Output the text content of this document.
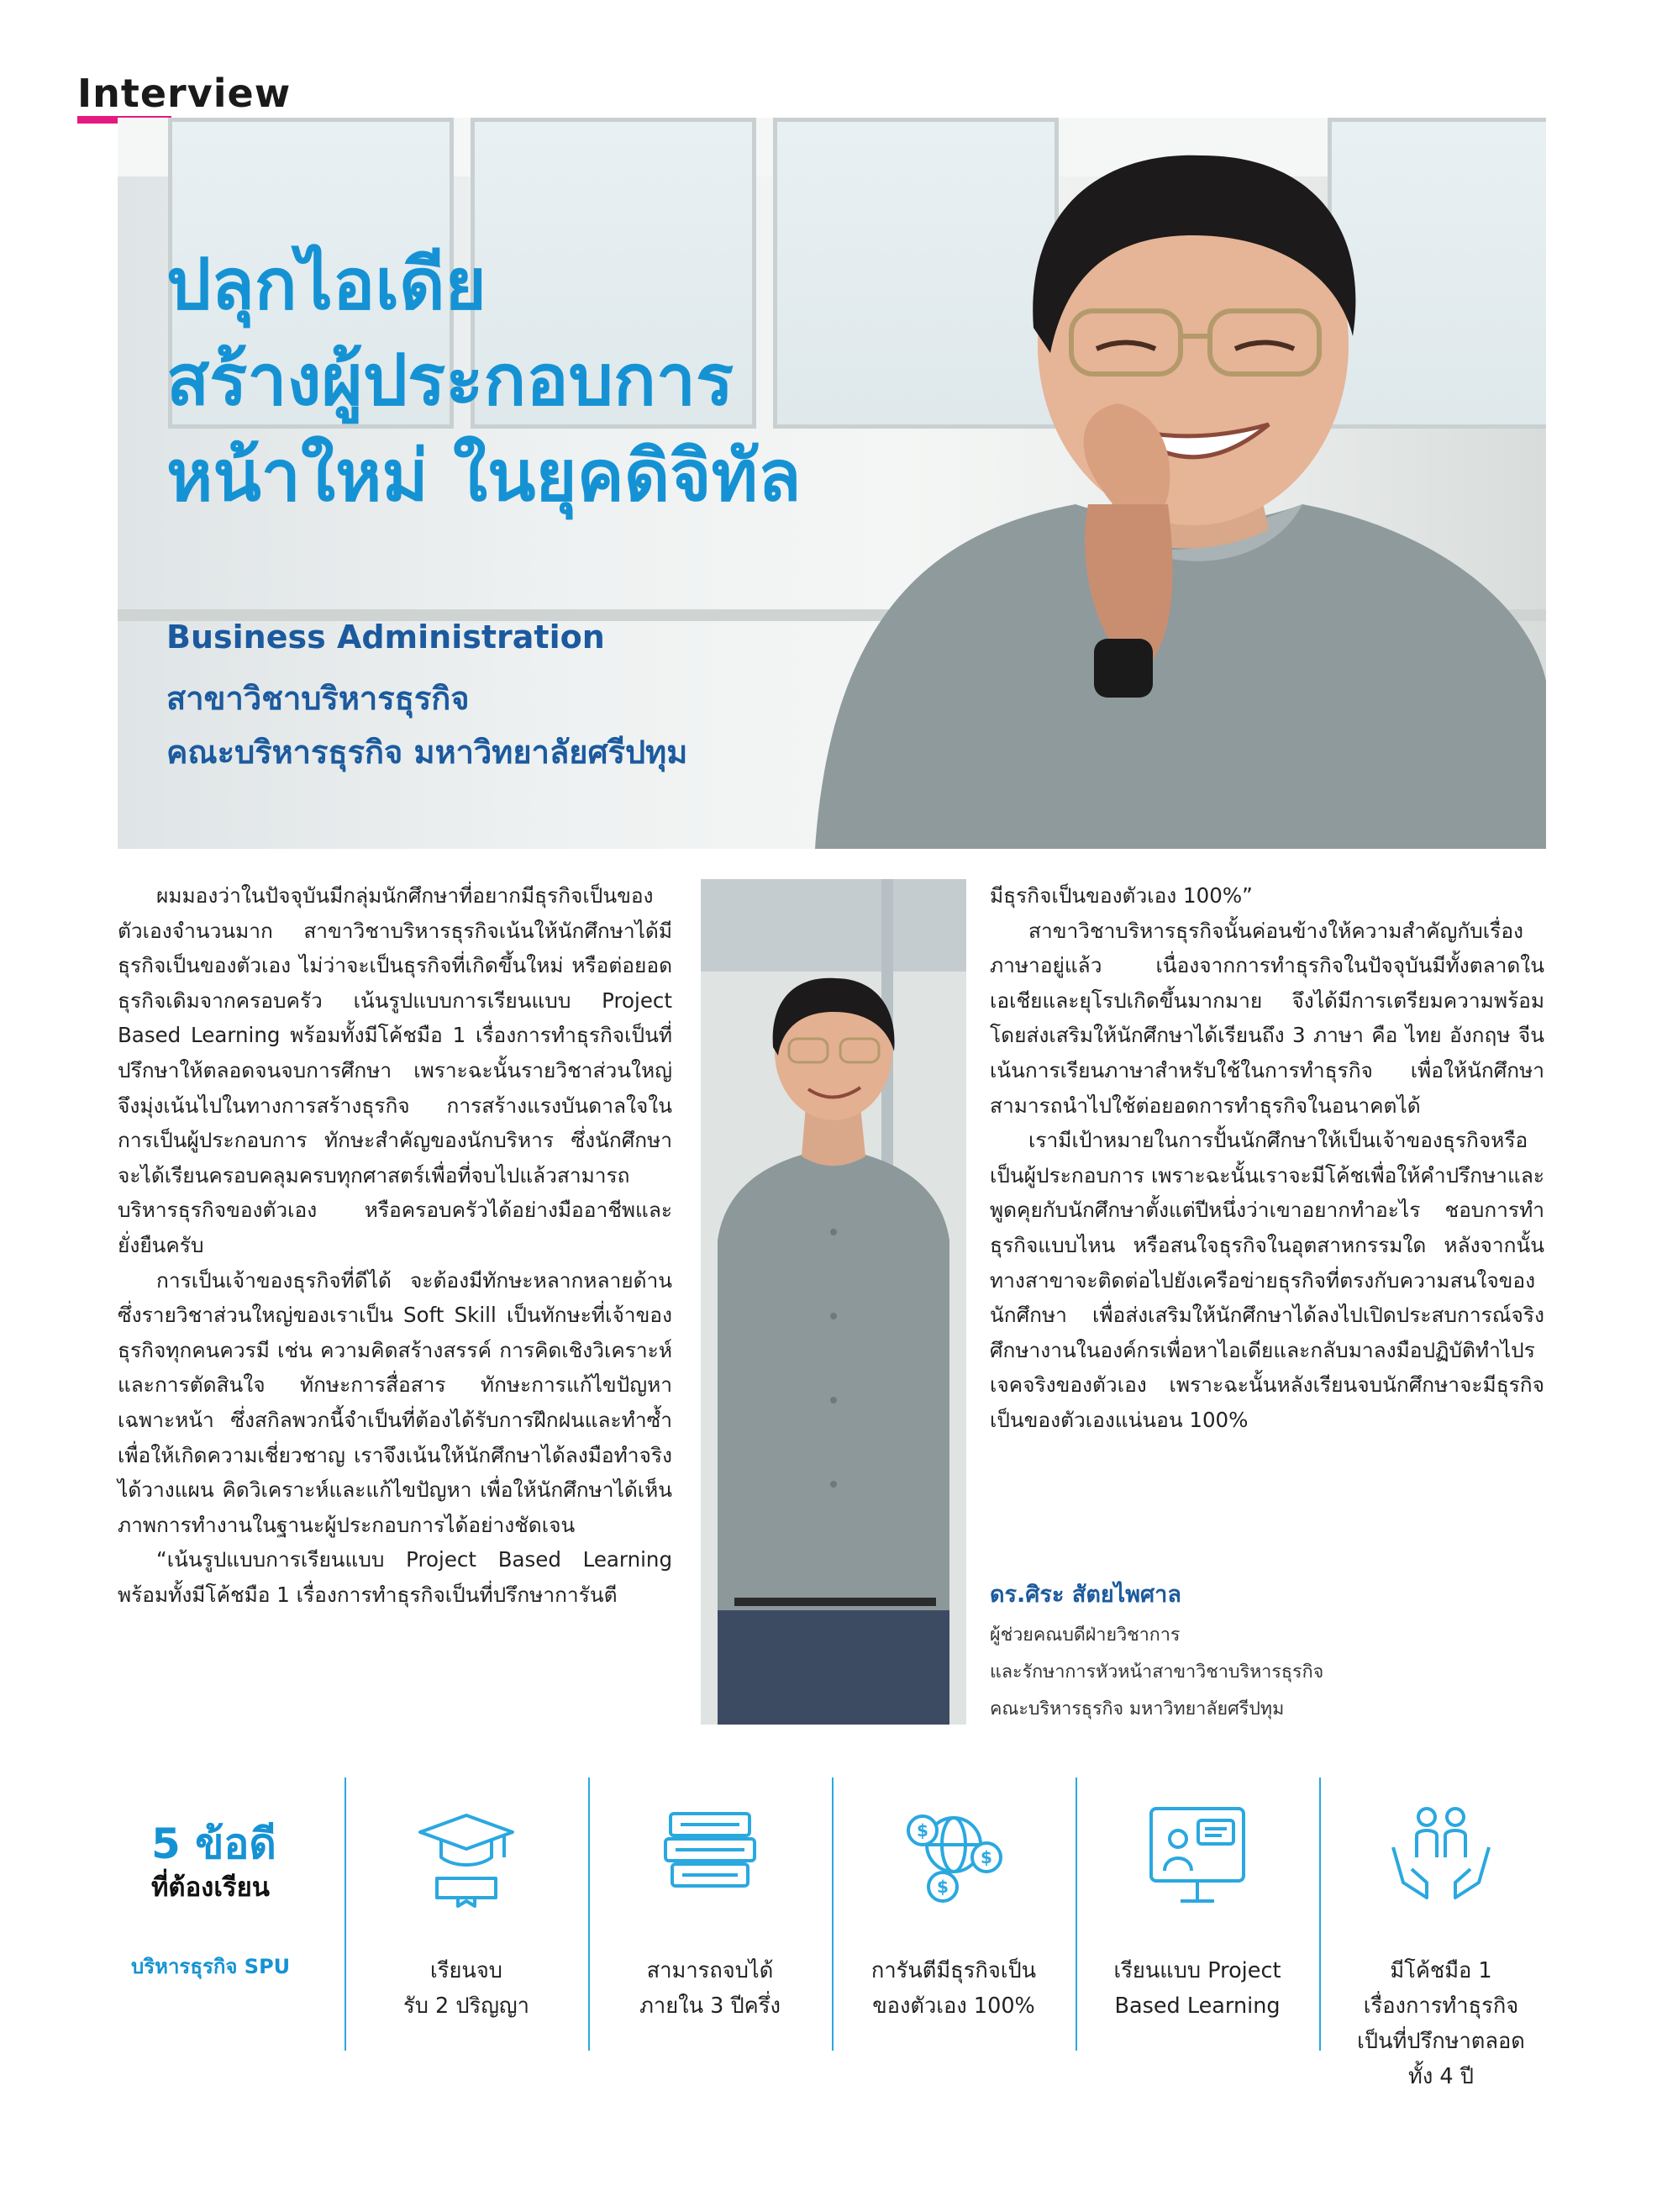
Interview
ปลุกไอเดีย
สร้างผู้ประกอบการ
หน้าใหม่ ในยุคดิจิทัล
Business Administration
สาขาวิชาบริหารธุรกิจ
คณะบริหารธุรกิจ มหาวิทยาลัยศรีปทุม

ผมมองว่าในปัจจุบันมีกลุ่มนักศึกษาที่อยากมีธุรกิจเป็นของตัวเองจำนวนมาก สาขาวิชาบริหารธุรกิจเน้นให้นักศึกษาได้มีธุรกิจเป็นของตัวเอง ไม่ว่าจะเป็นธุรกิจที่เกิดขึ้นใหม่ หรือต่อยอดธุรกิจเดิมจากครอบครัว เน้นรูปแบบการเรียนแบบ Project Based Learning พร้อมทั้งมีโค้ชมือ 1 เรื่องการทำธุรกิจเป็นที่ปรึกษาให้ตลอดจนจบการศึกษา เพราะฉะนั้นรายวิชาส่วนใหญ่จึงมุ่งเน้นไปในทางการสร้างธุรกิจ การสร้างแรงบันดาลใจในการเป็นผู้ประกอบการ ทักษะสำคัญของนักบริหาร ซึ่งนักศึกษาจะได้เรียนครอบคลุมครบทุกศาสตร์เพื่อที่จบไปแล้วสามารถบริหารธุรกิจของตัวเอง หรือครอบครัวได้อย่างมืออาชีพและยั่งยืนครับ

การเป็นเจ้าของธุรกิจที่ดีได้ จะต้องมีทักษะหลากหลายด้าน ซึ่งรายวิชาส่วนใหญ่ของเราเป็น Soft Skill เป็นทักษะที่เจ้าของธุรกิจทุกคนควรมี เช่น ความคิดสร้างสรรค์ การคิดเชิงวิเคราะห์และการตัดสินใจ ทักษะการสื่อสาร ทักษะการแก้ไขปัญหาเฉพาะหน้า ซึ่งสกิลพวกนี้จำเป็นที่ต้องได้รับการฝึกฝนและทำซ้ำเพื่อให้เกิดความเชี่ยวชาญ เราจึงเน้นให้นักศึกษาได้ลงมือทำจริงได้วางแผน คิดวิเคราะห์และแก้ไขปัญหา เพื่อให้นักศึกษาได้เห็นภาพการทำงานในฐานะผู้ประกอบการได้อย่างชัดเจน

“เน้นรูปแบบการเรียนแบบ Project Based Learning พร้อมทั้งมีโค้ชมือ 1 เรื่องการทำธุรกิจเป็นที่ปรึกษาการันตี

มีธุรกิจเป็นของตัวเอง 100%”

สาขาวิชาบริหารธุรกิจนั้นค่อนข้างให้ความสำคัญกับเรื่องภาษาอยู่แล้ว เนื่องจากการทำธุรกิจในปัจจุบันมีทั้งตลาดในเอเชียและยุโรปเกิดขึ้นมากมาย จึงได้มีการเตรียมความพร้อมโดยส่งเสริมให้นักศึกษาได้เรียนถึง 3 ภาษา คือ ไทย อังกฤษ จีน เน้นการเรียนภาษาสำหรับใช้ในการทำธุรกิจ เพื่อให้นักศึกษาสามารถนำไปใช้ต่อยอดการทำธุรกิจในอนาคตได้

เรามีเป้าหมายในการปั้นนักศึกษาให้เป็นเจ้าของธุรกิจหรือเป็นผู้ประกอบการ เพราะฉะนั้นเราจะมีโค้ชเพื่อให้คำปรึกษาและพูดคุยกับนักศึกษาตั้งแต่ปีหนึ่งว่าเขาอยากทำอะไร ชอบการทำธุรกิจแบบไหน หรือสนใจธุรกิจในอุตสาหกรรมใด หลังจากนั้นทางสาขาจะติดต่อไปยังเครือข่ายธุรกิจที่ตรงกับความสนใจของนักศึกษา เพื่อส่งเสริมให้นักศึกษาได้ลงไปเปิดประสบการณ์จริง ศึกษางานในองค์กรเพื่อหาไอเดียและกลับมาลงมือปฏิบัติทำไปรเจคจริงของตัวเอง เพราะฉะนั้นหลังเรียนจบนักศึกษาจะมีธุรกิจเป็นของตัวเองแน่นอน 100%

ดร.ศิระ สัตยไพศาล
ผู้ช่วยคณบดีฝ่ายวิชาการ
และรักษาการหัวหน้าสาขาวิชาบริหารธุรกิจ
คณะบริหารธุรกิจ มหาวิทยาลัยศรีปทุม
5 ข้อดี
ที่ต้องเรียน
บริหารธุรกิจ SPU	เรียนจบ
รับ 2 ปริญญา
สามารถจบได้
ภายใน 3 ปีครึ่ง
$
$
$
การันตีมีธุรกิจเป็น
ของตัวเอง 100%
เรียนแบบ Project
Based Learning
มีโค้ชมือ 1
เรื่องการทำธุรกิจ
เป็นที่ปรึกษาตลอด
ทั้ง 4 ปี
